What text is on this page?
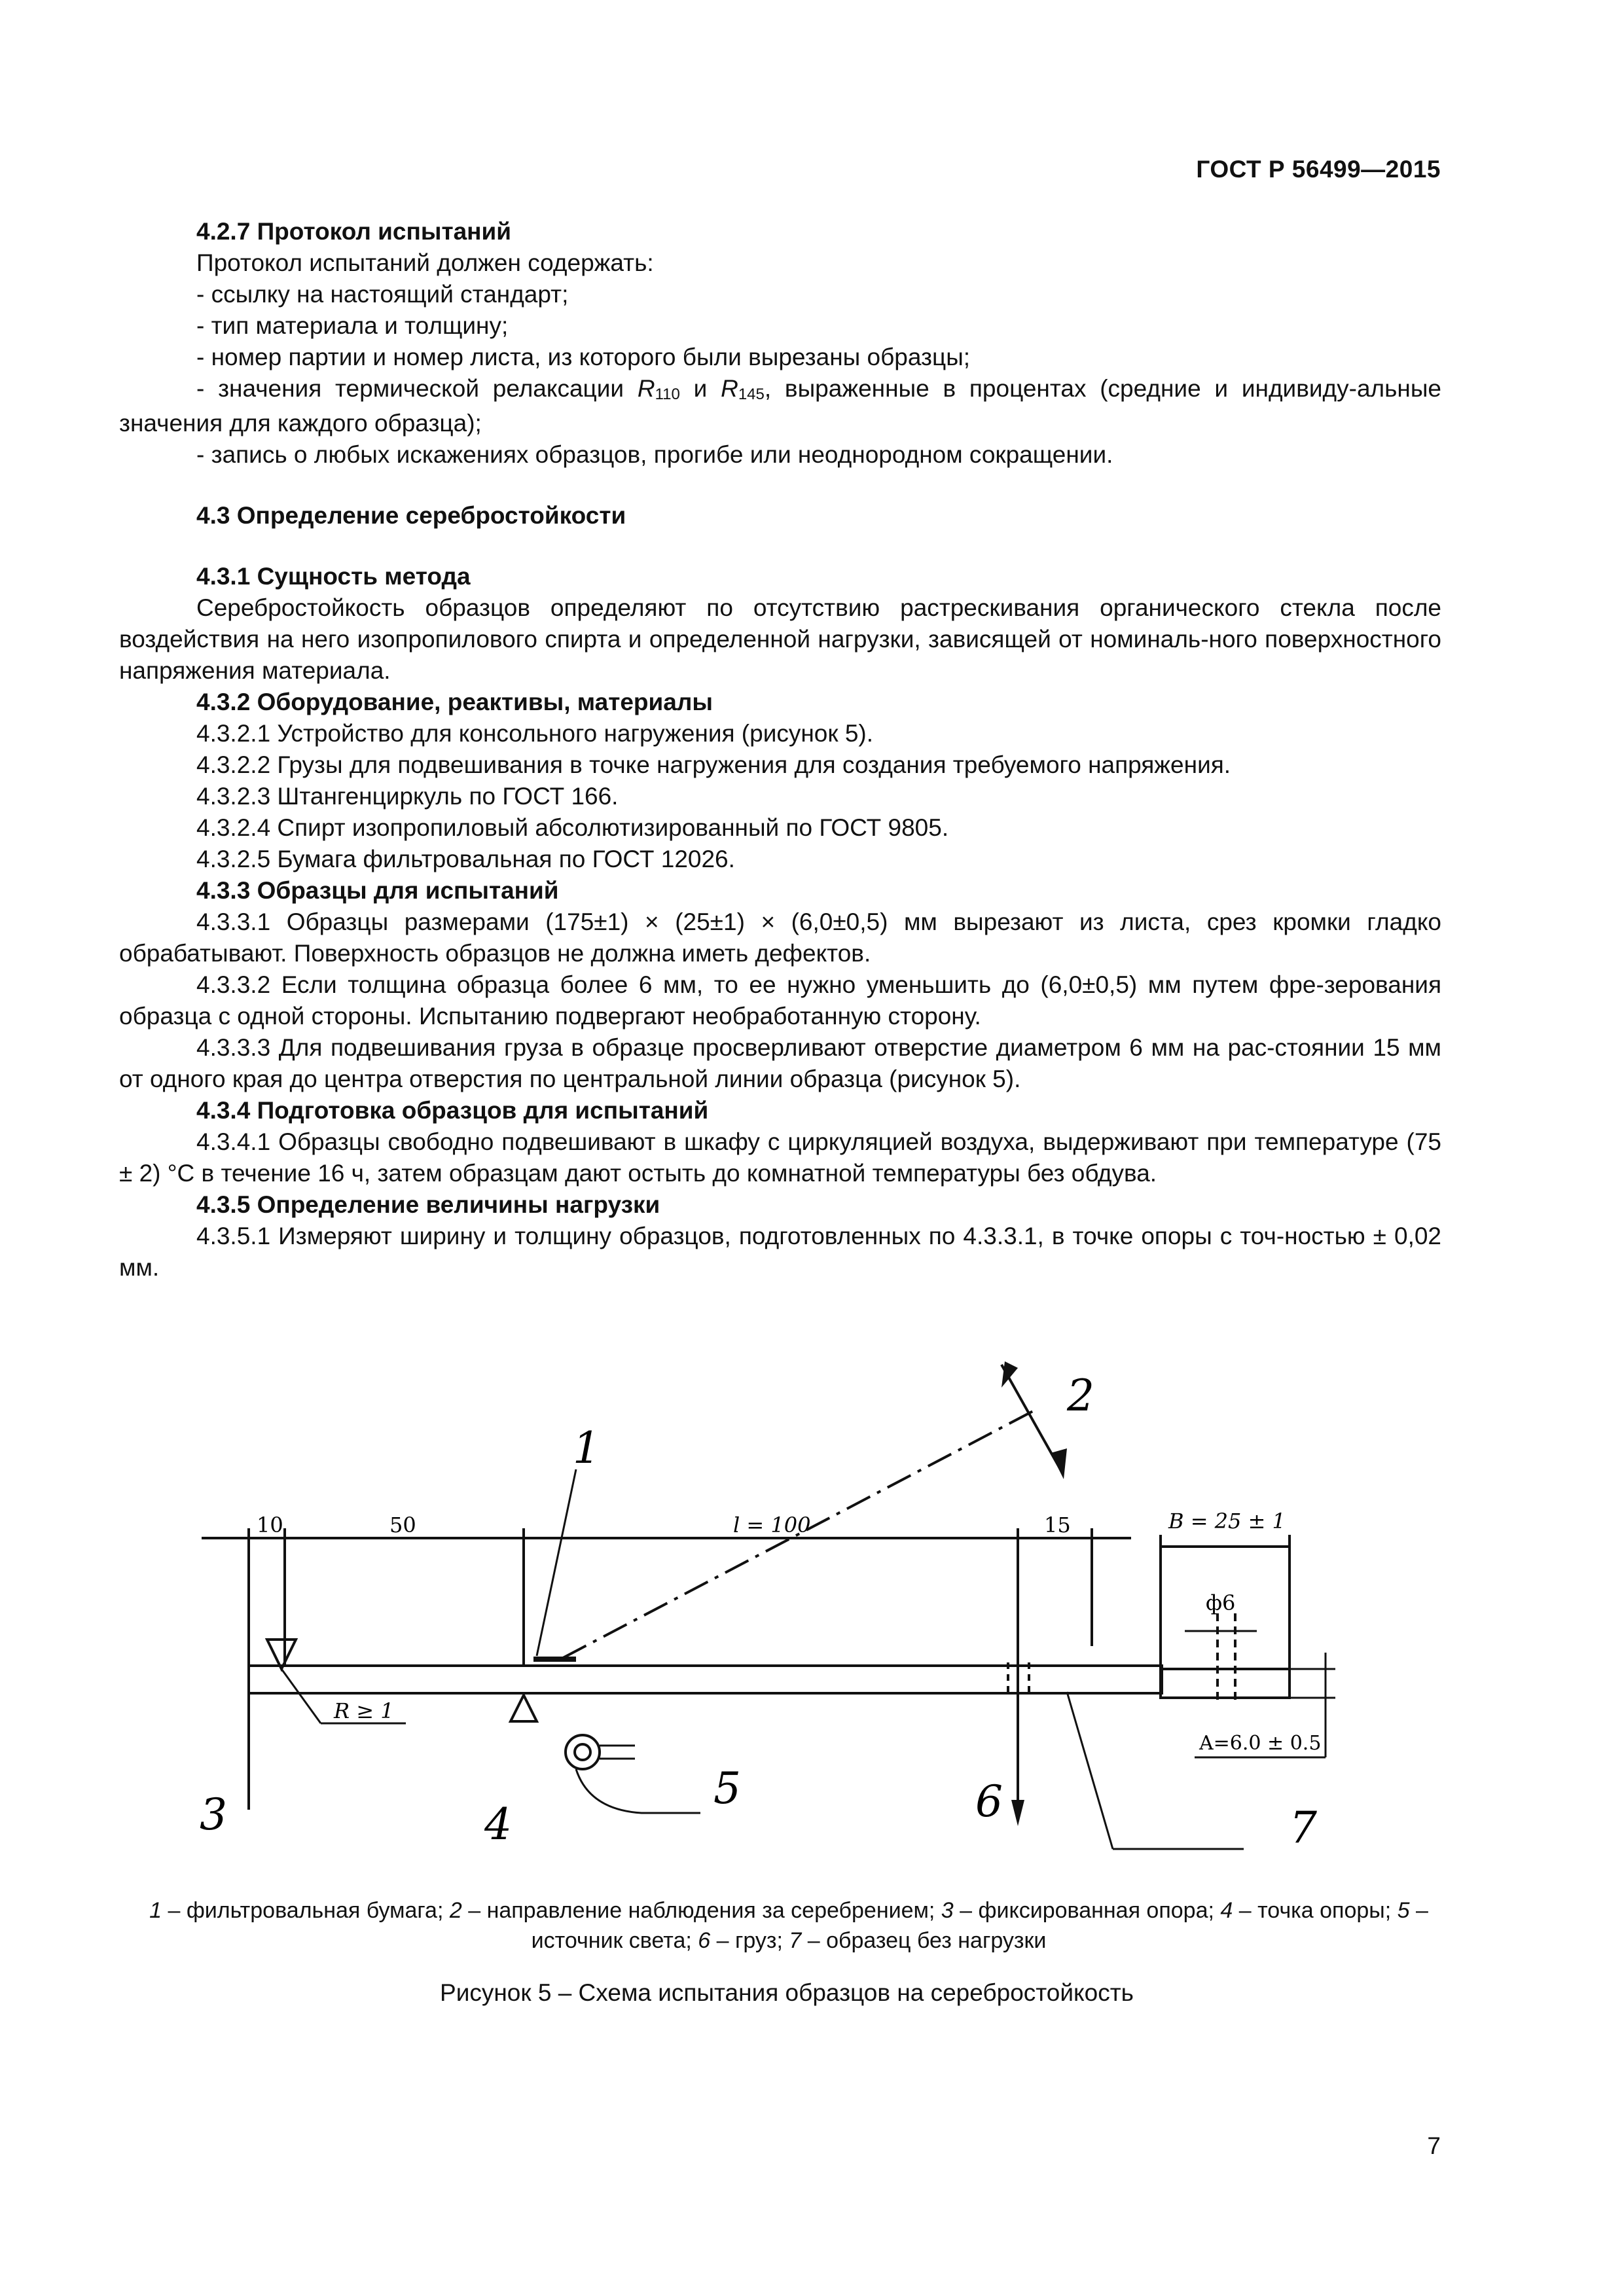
ГОСТ Р 56499—2015

4.2.7 Протокол испытаний

Протокол испытаний должен содержать:

- ссылку на настоящий стандарт;

- тип материала и толщину;

- номер партии и номер листа, из которого были вырезаны образцы;

- значения термической релаксации $R_{110}$ и $R_{145}$, выраженные в процентах (средние и индивиду-альные значения для каждого образца);

- запись о любых искажениях образцов, прогибе или неоднородном сокращении.

4.3 Определение серебростойкости

4.3.1 Сущность метода

Серебростойкость образцов определяют по отсутствию растрескивания органического стекла после воздействия на него изопропилового спирта и определенной нагрузки, зависящей от номиналь-ного поверхностного напряжения материала.

4.3.2 Оборудование, реактивы, материалы

4.3.2.1 Устройство для консольного нагружения (рисунок 5).

4.3.2.2 Грузы для подвешивания в точке нагружения для создания требуемого напряжения.

4.3.2.3 Штангенциркуль по ГОСТ 166.

4.3.2.4 Спирт изопропиловый абсолютизированный по ГОСТ 9805.

4.3.2.5 Бумага фильтровальная по ГОСТ 12026.

4.3.3 Образцы для испытаний

4.3.3.1 Образцы размерами (175±1) × (25±1) × (6,0±0,5) мм вырезают из листа, срез кромки гладко обрабатывают. Поверхность образцов не должна иметь дефектов.

4.3.3.2 Если толщина образца более 6 мм, то ее нужно уменьшить до (6,0±0,5) мм путем фре-зерования образца с одной стороны. Испытанию подвергают необработанную сторону.

4.3.3.3 Для подвешивания груза в образце просверливают отверстие диаметром 6 мм на рас-стоянии 15 мм от одного края до центра отверстия по центральной линии образца (рисунок 5).

4.3.4 Подготовка образцов для испытаний

4.3.4.1 Образцы свободно подвешивают в шкафу с циркуляцией воздуха, выдерживают при температуре (75 ± 2) °С в течение 16 ч, затем образцам дают остыть до комнатной температуры без обдува.

4.3.5 Определение величины нагрузки

4.3.5.1 Измеряют ширину и толщину образцов, подготовленных по 4.3.3.1, в точке опоры с точ-ностью ± 0,02 мм.

10	50	l = 100	15	B = 25 ± 1
ф6
R ≥ 1
A=6.0 ± 0.5
1
2
3	4
5	6
7
1 – фильтровальная бумага; 2 – направление наблюдения за серебрением; 3 – фиксированная опора; 4 – точка опоры; 5 –источник света; 6 – груз; 7 – образец без нагрузки
Рисунок 5 – Схема испытания образцов на серебростойкость
7
